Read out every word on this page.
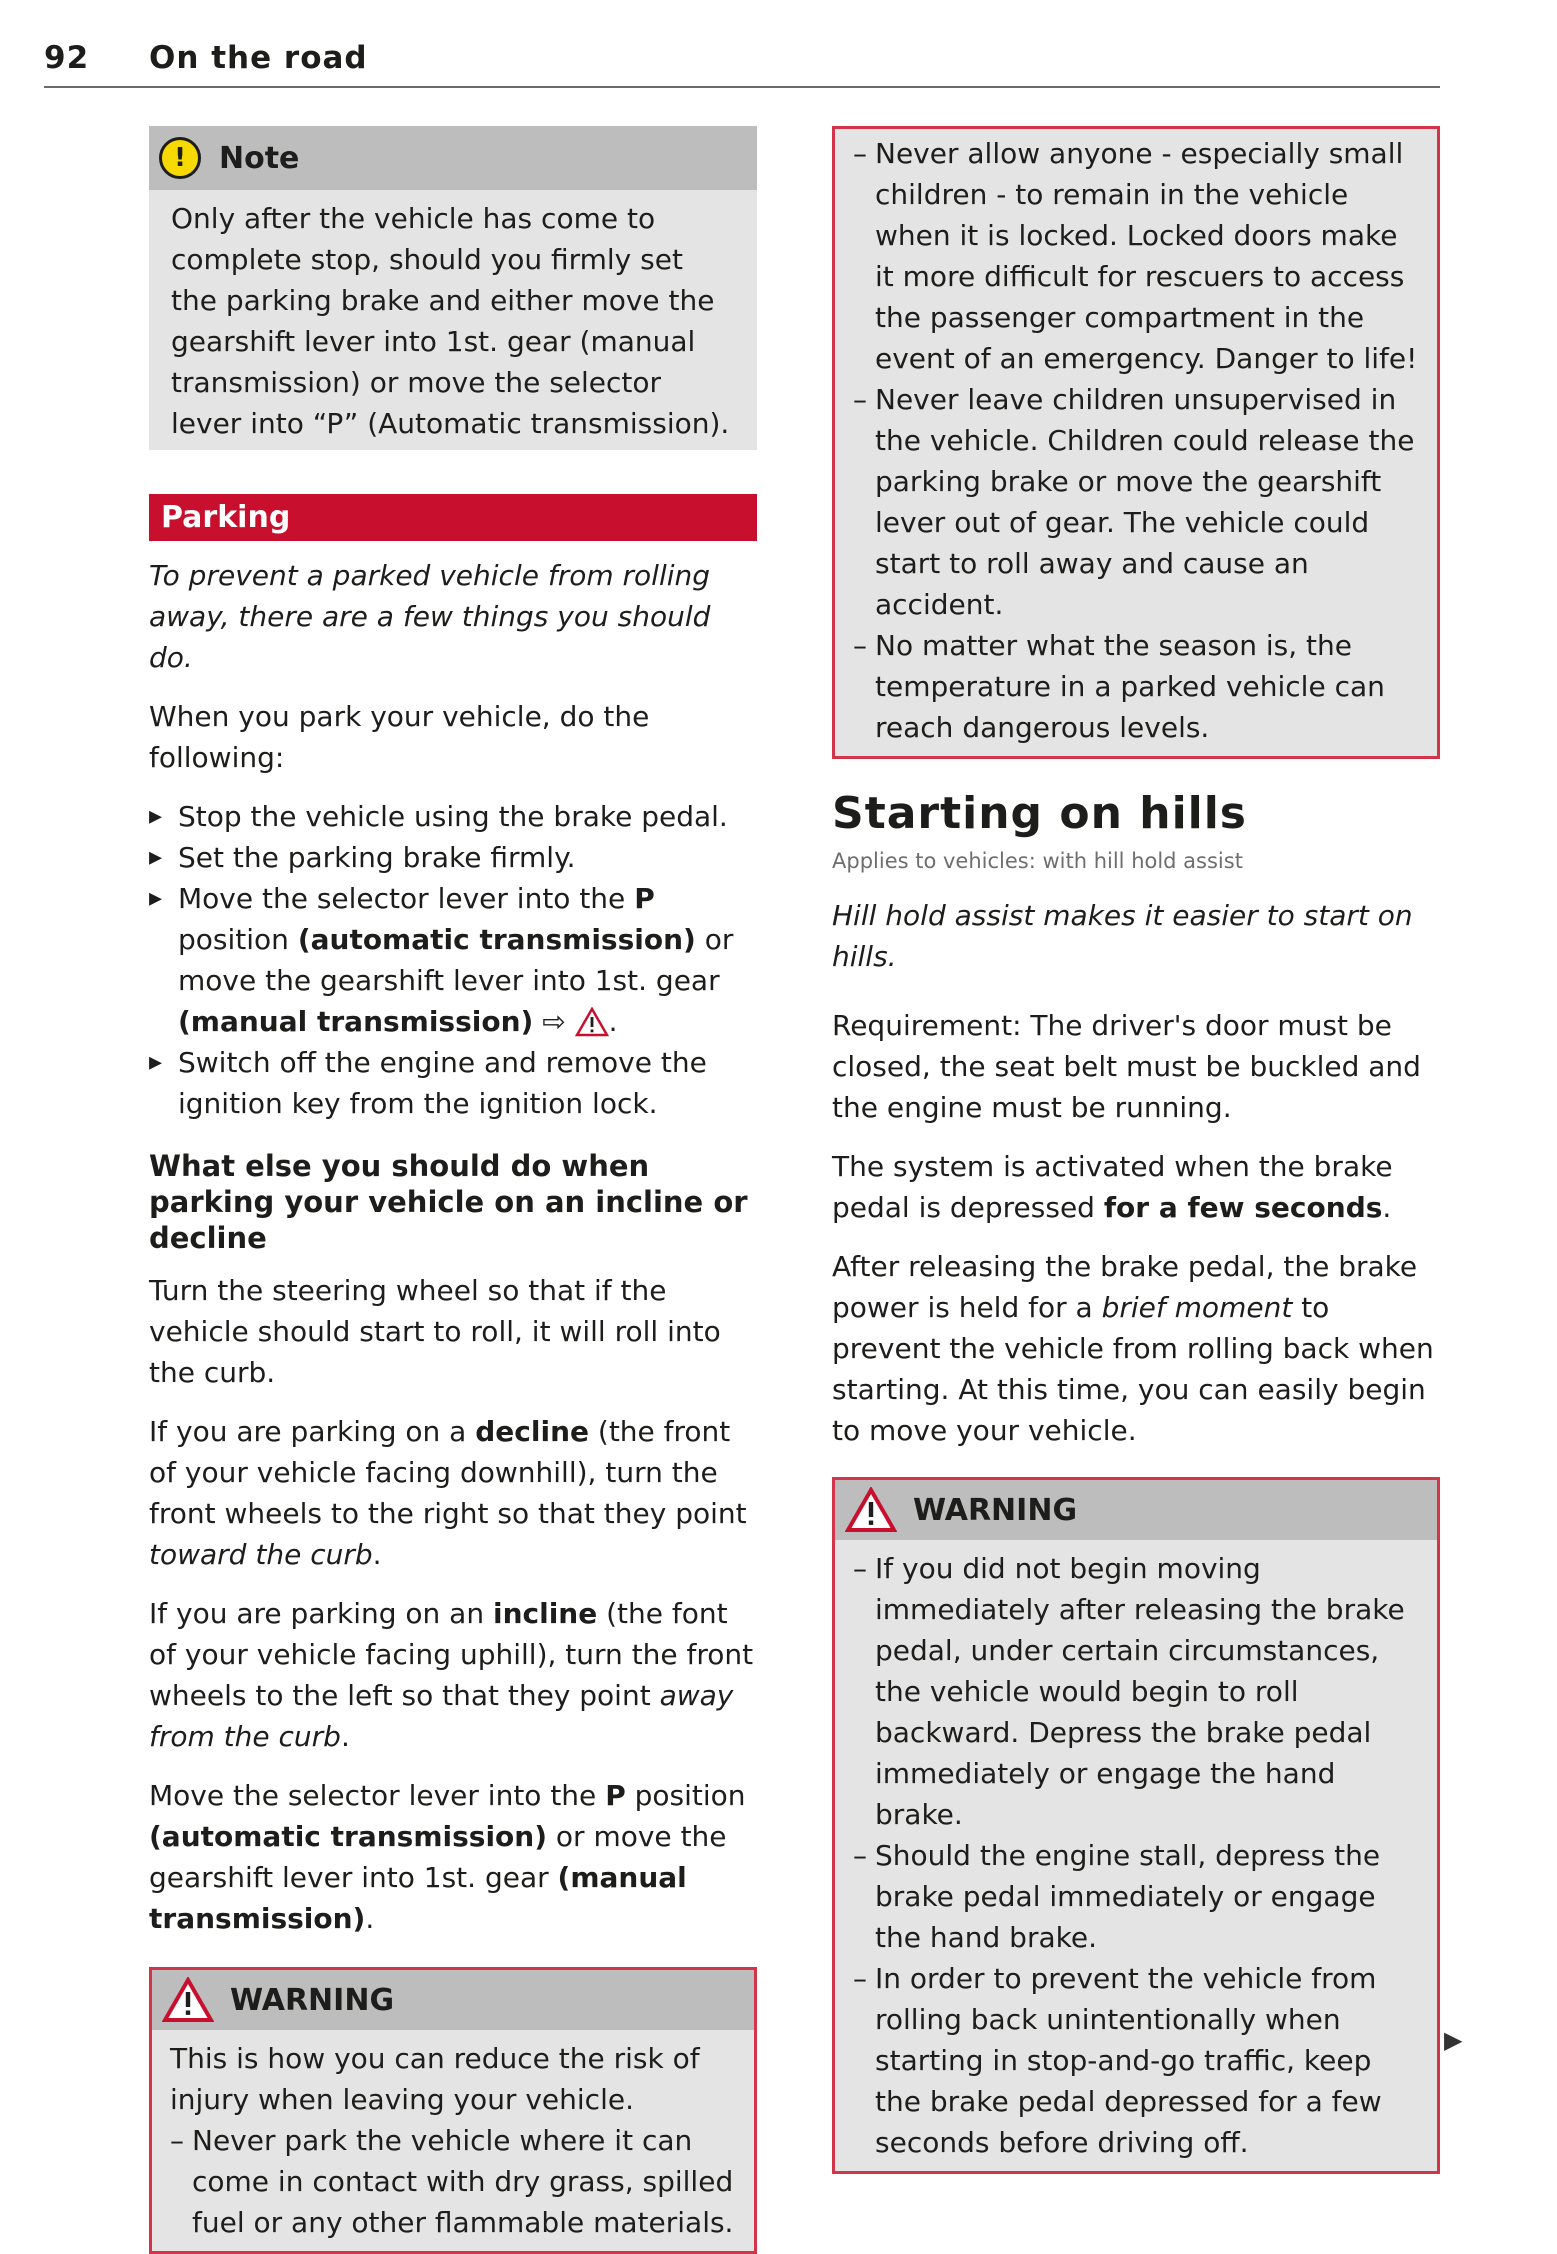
92 On the road
!	Note
Only after the vehicle has come to complete stop, should you firmly set the parking brake and either move the gearshift lever into 1st. gear (manual transmission) or move the selector lever into “P” (Automatic transmission).
Parking

To prevent a parked vehicle from rolling away, there are a few things you should do.

When you park your vehicle, do the following:

▸ Stop the vehicle using the brake pedal.
▸ Set the parking brake firmly.
▸ Move the selector lever into the P position (automatic transmission) or move the gearshift lever into 1st. gear (manual transmission) ⇨ .
▸ Switch off the engine and remove the ignition key from the ignition lock.
What else you should do when parking your vehicle on an incline or decline

Turn the steering wheel so that if the vehicle should start to roll, it will roll into the curb.

If you are parking on a decline (the front of your vehicle facing downhill), turn the front wheels to the right so that they point toward the curb.

If you are parking on an incline (the font of your vehicle facing uphill), turn the front wheels to the left so that they point away from the curb.

Move the selector lever into the P position (automatic transmission) or move the gearshift lever into 1st. gear (manual transmission).

WARNING
This is how you can reduce the risk of injury when leaving your vehicle.
– Never park the vehicle where it can come in contact with dry grass, spilled fuel or any other flammable materials.
– Never allow anyone - especially small children - to remain in the vehicle when it is locked. Locked doors make it more difficult for rescuers to access the passenger compartment in the event of an emergency. Danger to life!
– Never leave children unsupervised in the vehicle. Children could release the parking brake or move the gearshift lever out of gear. The vehicle could start to roll away and cause an accident.
– No matter what the season is, the temperature in a parked vehicle can reach dangerous levels.
Starting on hills
Applies to vehicles: with hill hold assist

Hill hold assist makes it easier to start on hills.

Requirement: The driver's door must be closed, the seat belt must be buckled and the engine must be running.

The system is activated when the brake pedal is depressed for a few seconds.

After releasing the brake pedal, the brake power is held for a brief moment to prevent the vehicle from rolling back when starting. At this time, you can easily begin to move your vehicle.

WARNING
– If you did not begin moving immediately after releasing the brake pedal, under certain circumstances, the vehicle would begin to roll backward. Depress the brake pedal immediately or engage the hand brake.
– Should the engine stall, depress the brake pedal immediately or engage the hand brake.
– In order to prevent the vehicle from rolling back unintentionally when starting in stop-and-go traffic, keep the brake pedal depressed for a few seconds before driving off.
▶
